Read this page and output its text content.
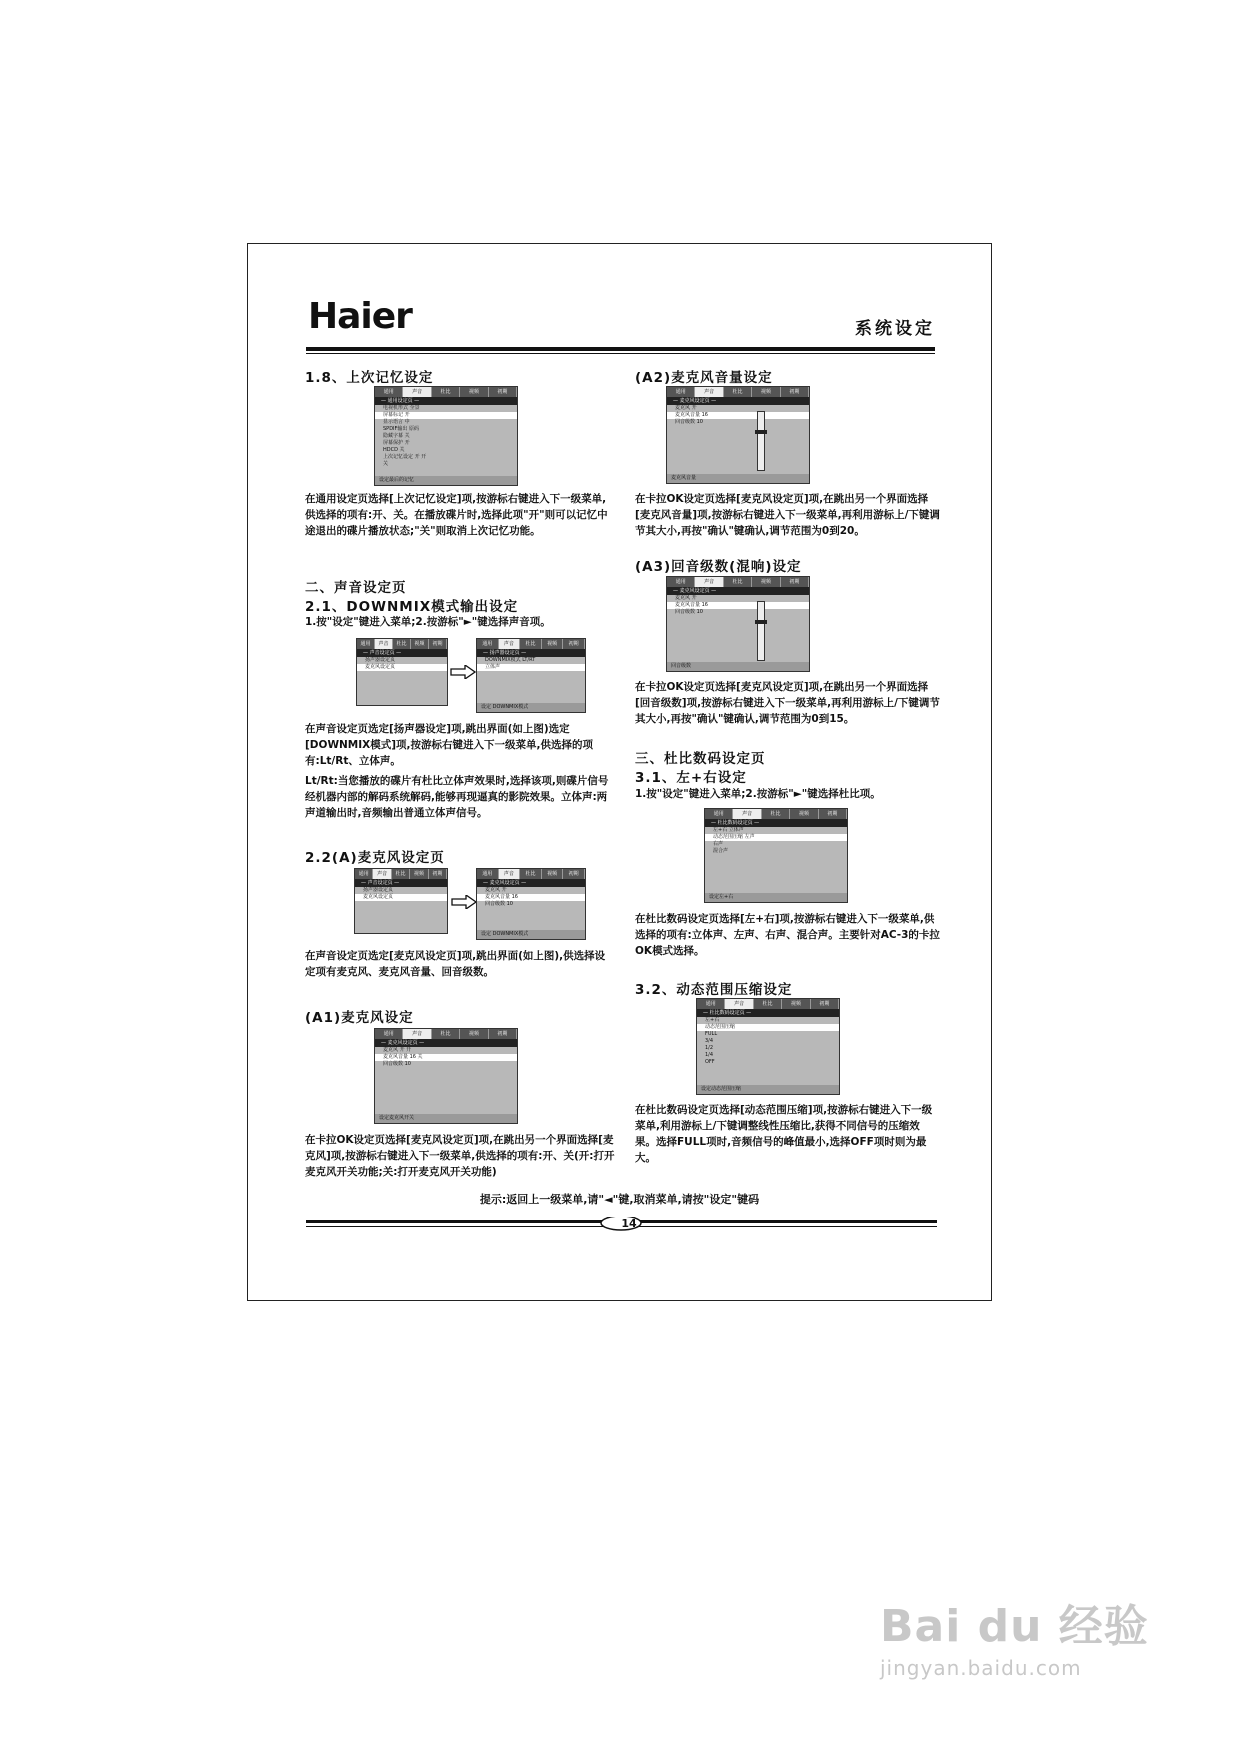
Haier	系统设定
1.8、上次记忆设定
通用	声音	杜比	视频	初期
— 通用设定页 —
电视机形式 全景
屏幕标记 开
显示语言 中
SPDIF输出 原码
隐藏字幕 关
屏幕保护 开
HDCD 关
上次记忆设定 开 开
关
设定最后的记忆
在通用设定页选择[上次记忆设定]项,按游标右键进入下一级菜单,供选择的项有:开、关。在播放碟片时,选择此项"开"则可以记忆中途退出的碟片播放状态;"关"则取消上次记忆功能。
二、声音设定页
2.1、DOWNMIX模式输出设定
1.按"设定"键进入菜单;2.按游标"►"键选择声音项。
通用	声音	杜比	视频	初期
— 声音设定页 —
扬声器设定页
麦克风设定页
通用	声音	杜比	视频	初期
— 扬声器设定页 —
DOWNMIX模式 LT/RT
立体声
设定 DOWNMIX模式
在声音设定页选定[扬声器设定]项,跳出界面(如上图)选定[DOWNMIX模式]项,按游标右键进入下一级菜单,供选择的项有:Lt/Rt、立体声。
Lt/Rt:当您播放的碟片有杜比立体声效果时,选择该项,则碟片信号经机器内部的解码系统解码,能够再现逼真的影院效果。立体声:两声道输出时,音频输出普通立体声信号。
2.2(A)麦克风设定页
通用	声音	杜比	视频	初期
— 声音设定页 —
扬声器设定页
麦克风设定页
通用	声音	杜比	视频	初期
— 麦克风设定页 —
麦克风 开
麦克风音量 16
回音级数 10
设定 DOWNMIX模式
在声音设定页选定[麦克风设定页]项,跳出界面(如上图),供选择设定项有麦克风、麦克风音量、回音级数。
(A1)麦克风设定
通用	声音	杜比	视频	初期
— 麦克风设定页 —
麦克风 开 开
麦克风音量 16 关
回音级数 10
设定麦克风开关
在卡拉OK设定页选择[麦克风设定页]项,在跳出另一个界面选择[麦克风]项,按游标右键进入下一级菜单,供选择的项有:开、关(开:打开麦克风开关功能;关:打开麦克风开关功能)
(A2)麦克风音量设定
通用	声音	杜比	视频	初期
— 麦克风设定页 —
麦克风 开
麦克风音量 16
回音级数 10
麦克风音量
在卡拉OK设定页选择[麦克风设定页]项,在跳出另一个界面选择[麦克风音量]项,按游标右键进入下一级菜单,再利用游标上/下键调节其大小,再按"确认"键确认,调节范围为0到20。
(A3)回音级数(混响)设定
通用	声音	杜比	视频	初期
— 麦克风设定页 —
麦克风 开
麦克风音量 16
回音级数 10
回音级数
在卡拉OK设定页选择[麦克风设定页]项,在跳出另一个界面选择[回音级数]项,按游标右键进入下一级菜单,再利用游标上/下键调节其大小,再按"确认"键确认,调节范围为0到15。
三、杜比数码设定页
3.1、左+右设定
1.按"设定"键进入菜单;2.按游标"►"键选择杜比项。
通用	声音	杜比	视频	初期
— 杜比数码设定页 —
左+右 立体声
动态范围压缩 左声
右声
混合声
设定左+右
在杜比数码设定页选择[左+右]项,按游标右键进入下一级菜单,供选择的项有:立体声、左声、右声、混合声。主要针对AC-3的卡拉OK模式选择。
3.2、动态范围压缩设定
通用	声音	杜比	视频	初期
— 杜比数码设定页 —
左+右
动态范围压缩
FULL
3/4
1/2
1/4
OFF
设定动态范围压缩
在杜比数码设定页选择[动态范围压缩]项,按游标右键进入下一级菜单,利用游标上/下键调整线性压缩比,获得不同信号的压缩效果。选择FULL项时,音频信号的峰值最小,选择OFF项时则为最大。
提示:返回上一级菜单,请"◄"键,取消菜单,请按"设定"键码
14
Bai du 经验
jingyan.baidu.com
